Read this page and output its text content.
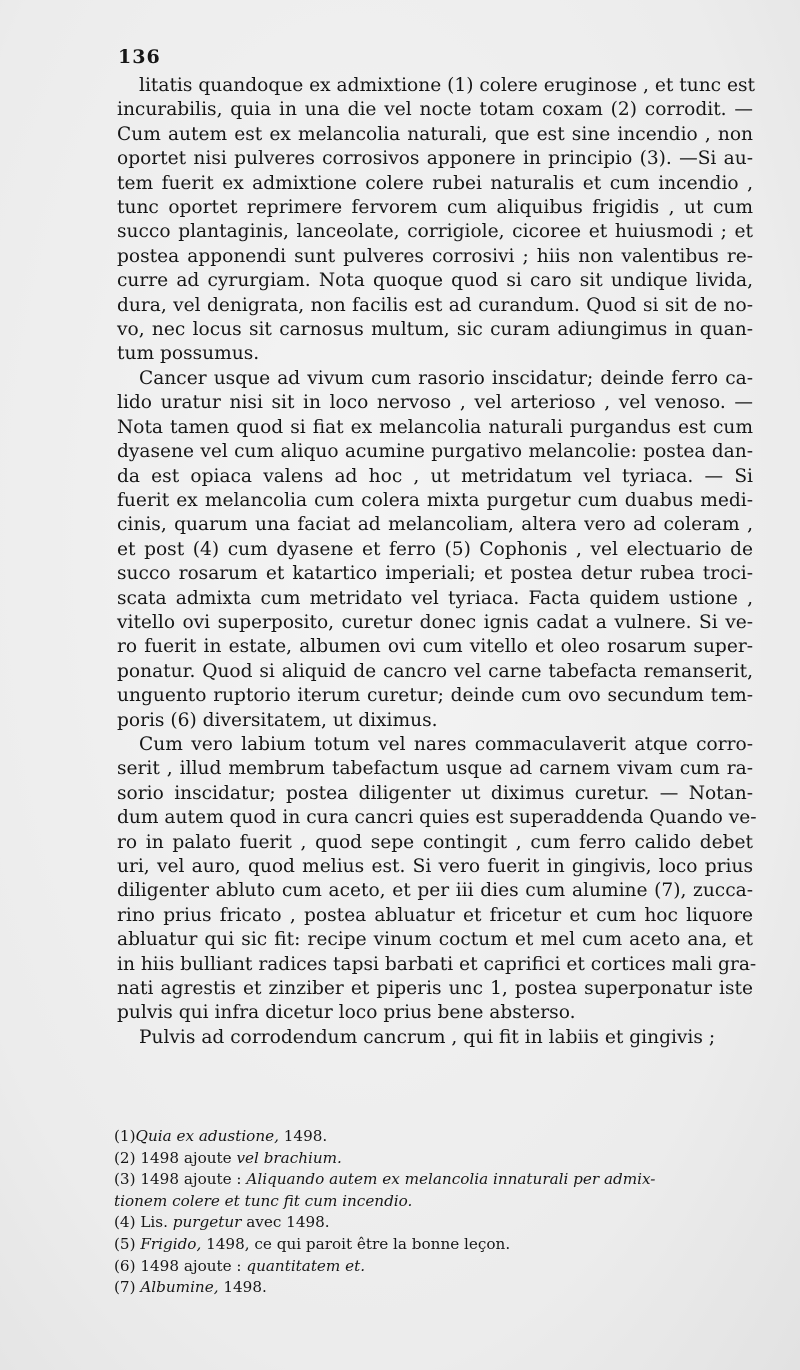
136

litatis quandoque ex admixtione (1) colere eruginose , et tunc est
incurabilis, quia in una die vel nocte totam coxam (2) corrodit. —
Cum autem est ex melancolia naturali, que est sine incendio , non
oportet nisi pulveres corrosivos apponere in principio (3). —Si au-
tem fuerit ex admixtione colere rubei naturalis et cum incendio ,
tunc oportet reprimere fervorem cum aliquibus frigidis , ut cum
succo plantaginis, lanceolate, corrigiole, cicoree et huiusmodi ; et
postea apponendi sunt pulveres corrosivi ; hiis non valentibus re-
curre ad cyrurgiam. Nota quoque quod si caro sit undique livida,
dura, vel denigrata, non facilis est ad curandum. Quod si sit de no-
vo, nec locus sit carnosus multum, sic curam adiungimus in quan-
tum possumus.

Cancer usque ad vivum cum rasorio inscidatur; deinde ferro ca-
lido uratur nisi sit in loco nervoso , vel arterioso , vel venoso. —
Nota tamen quod si fiat ex melancolia naturali purgandus est cum
dyasene vel cum aliquo acumine purgativo melancolie: postea dan-
da est opiaca valens ad hoc , ut metridatum vel tyriaca. — Si
fuerit ex melancolia cum colera mixta purgetur cum duabus medi-
cinis, quarum una faciat ad melancoliam, altera vero ad coleram ,
et post (4) cum dyasene et ferro (5) Cophonis , vel electuario de
succo rosarum et katartico imperiali; et postea detur rubea troci-
scata admixta cum metridato vel tyriaca. Facta quidem ustione ,
vitello ovi superposito, curetur donec ignis cadat a vulnere. Si ve-
ro fuerit in estate, albumen ovi cum vitello et oleo rosarum super-
ponatur. Quod si aliquid de cancro vel carne tabefacta remanserit,
unguento ruptorio iterum curetur; deinde cum ovo secundum tem-
poris (6) diversitatem, ut diximus.

Cum vero labium totum vel nares commaculaverit atque corro-
serit , illud membrum tabefactum usque ad carnem vivam cum ra-
sorio inscidatur; postea diligenter ut diximus curetur. — Notan-
dum autem quod in cura cancri quies est superaddenda Quando ve-
ro in palato fuerit , quod sepe contingit , cum ferro calido debet
uri, vel auro, quod melius est. Si vero fuerit in gingivis, loco prius
diligenter abluto cum aceto, et per iii dies cum alumine (7), zucca-
rino prius fricato , postea abluatur et fricetur et cum hoc liquore
abluatur qui sic fit: recipe vinum coctum et mel cum aceto ana, et
in hiis bulliant radices tapsi barbati et caprifici et cortices mali gra-
nati agrestis et zinziber et piperis unc 1, postea superponatur iste
pulvis qui infra dicetur loco prius bene absterso.

Pulvis ad corrodendum cancrum , qui fit in labiis et gingivis ;

(1)Quia ex adustione, 1498.
(2) 1498 ajoute vel brachium.
(3) 1498 ajoute : Aliquando autem ex melancolia innaturali per admix-
tionem colere et tunc fit cum incendio.
(4) Lis. purgetur avec 1498.
(5) Frigido, 1498, ce qui paroit être la bonne leçon.
(6) 1498 ajoute : quantitatem et.
(7) Albumine, 1498.
